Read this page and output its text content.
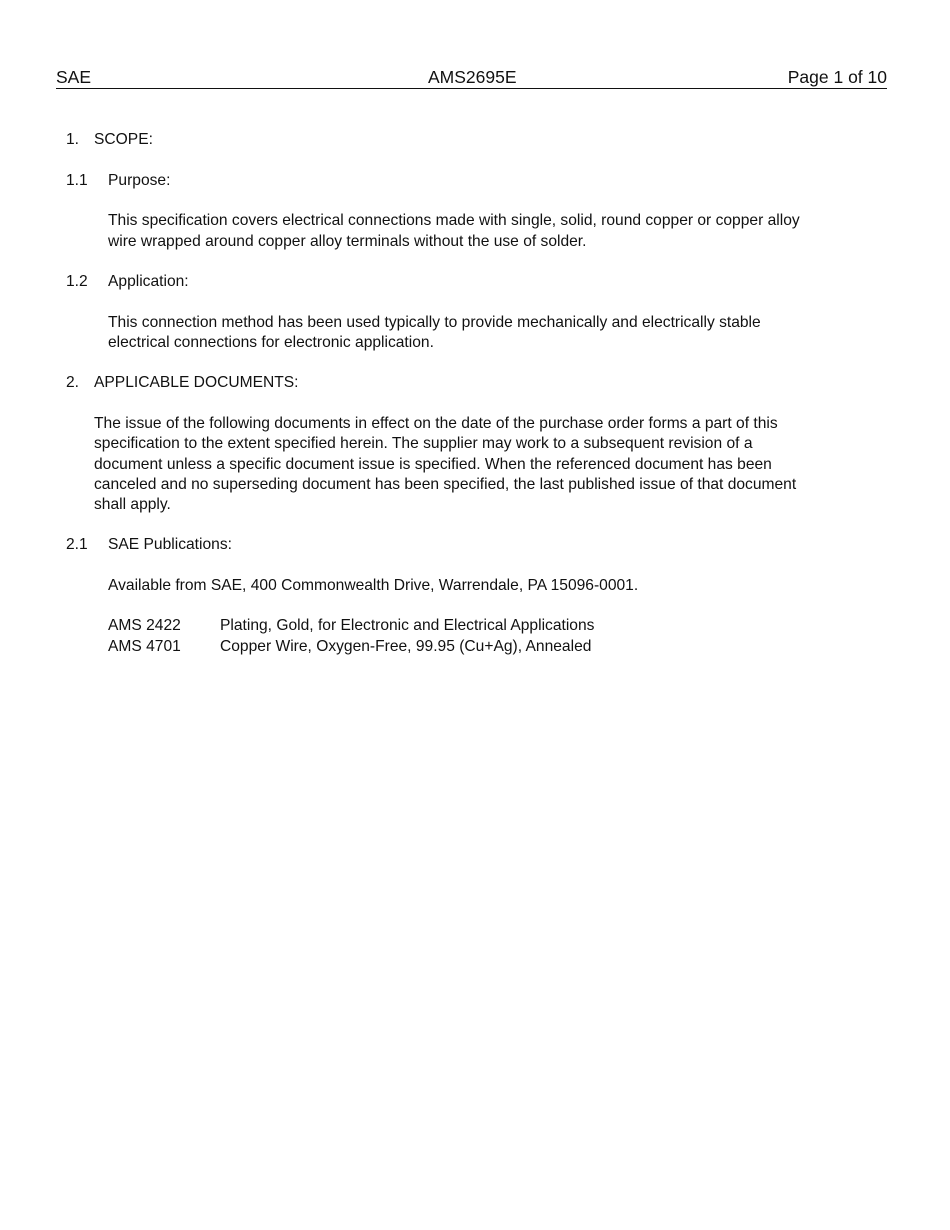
SAE	AMS2695E	Page 1 of 10
1. SCOPE:
1.1 Purpose:
This specification covers electrical connections made with single, solid, round copper or copper alloy
wire wrapped around copper alloy terminals without the use of solder.
1.2 Application:
This connection method has been used typically to provide mechanically and electrically stable
electrical connections for electronic application.
2. APPLICABLE DOCUMENTS:
The issue of the following documents in effect on the date of the purchase order forms a part of this
specification to the extent specified herein. The supplier may work to a subsequent revision of a
document unless a specific document issue is specified. When the referenced document has been
canceled and no superseding document has been specified, the last published issue of that document
shall apply.
2.1 SAE Publications:
Available from SAE, 400 Commonwealth Drive, Warrendale, PA 15096-0001.
AMS 2422	Plating, Gold, for Electronic and Electrical Applications
AMS 4701	Copper Wire, Oxygen-Free, 99.95 (Cu+Ag), Annealed
